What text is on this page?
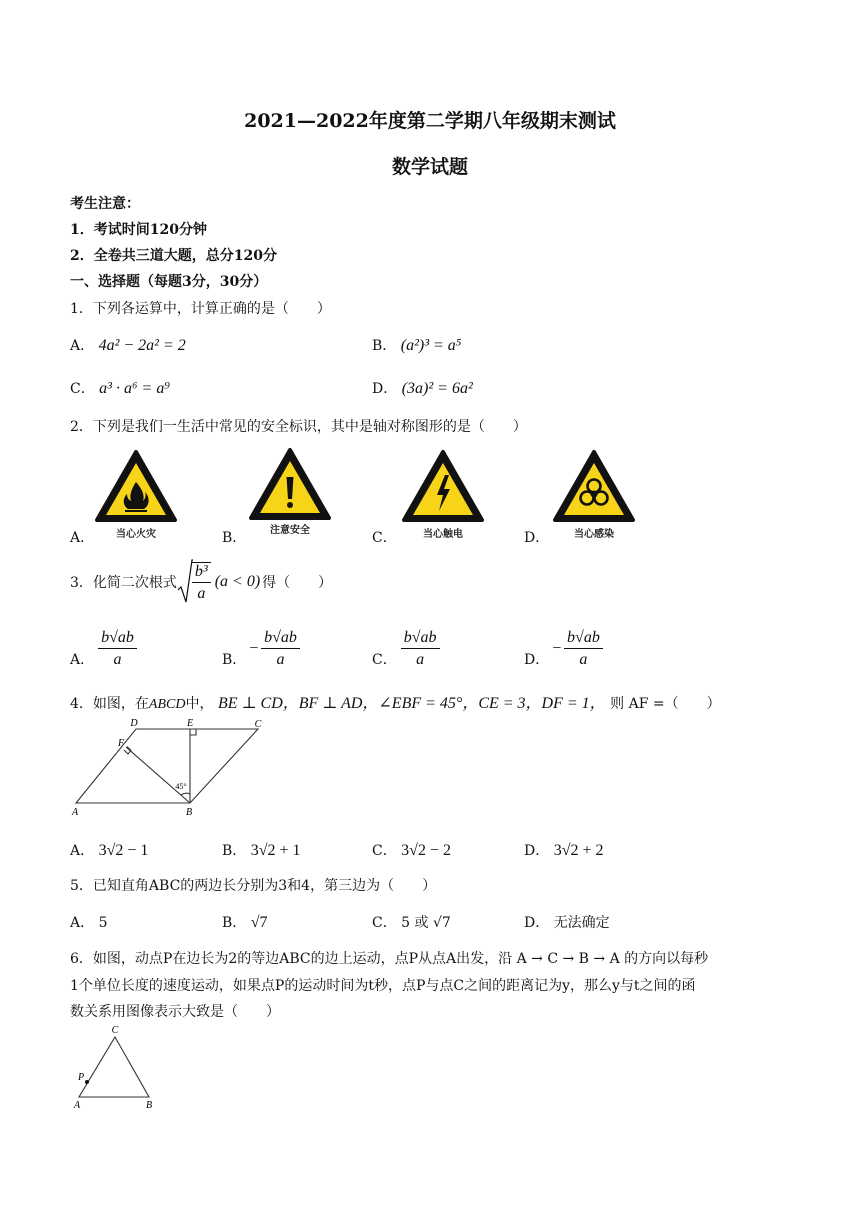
2021—2022年度第二学期八年级期末测试
数学试题
考生注意：
1．考试时间120分钟
2．全卷共三道大题，总分120分
一、选择题（每题3分，30分）
1．下列各运算中，计算正确的是（　　）
A． 4a² − 2a² = 2	B． (a²)³ = a⁵
C． a³ · a⁶ = a⁹	D． (3a)² = 6a²
2．下列是我们一生活中常见的安全标识，其中是轴对称图形的是（　　）
A． 当心火灾	B． 注意安全	C．	当心触电	D． 当心感染
3．化简二次根式 $\frac{\text{b³}}{a} (a < 0)$ 得（　　）
A． $\frac{b√ab}{a}$	B．
− $\frac{b√ab}{a}$	C． $\frac{b√ab}{a}$	D．
− $\frac{b√ab}{a}$
4．如图，在ABCD中， BE ⊥ CD，BF ⊥ AD，∠EBF = 45°，CE = 3，DF = 1， 则 AF =（　　）
D	E	C
F
A	B
45°
A． 3√2 − 1	B． 3√2 + 1	C． 3√2 − 2	D． 3√2 + 2
5．已知直角ABC的两边长分别为3和4，第三边为（　　）
A． 5	B． √7	C． 5 或 √7	D． 无法确定
6．如图，动点P在边长为2的等边ABC的边上运动，点P从点A出发，沿 A → C → B → A 的方向以每秒
1个单位长度的速度运动，如果点P的运动时间为t秒，点P与点C之间的距离记为y，那么y与t之间的函
数关系用图像表示大致是（　　）
C
P
A	B
